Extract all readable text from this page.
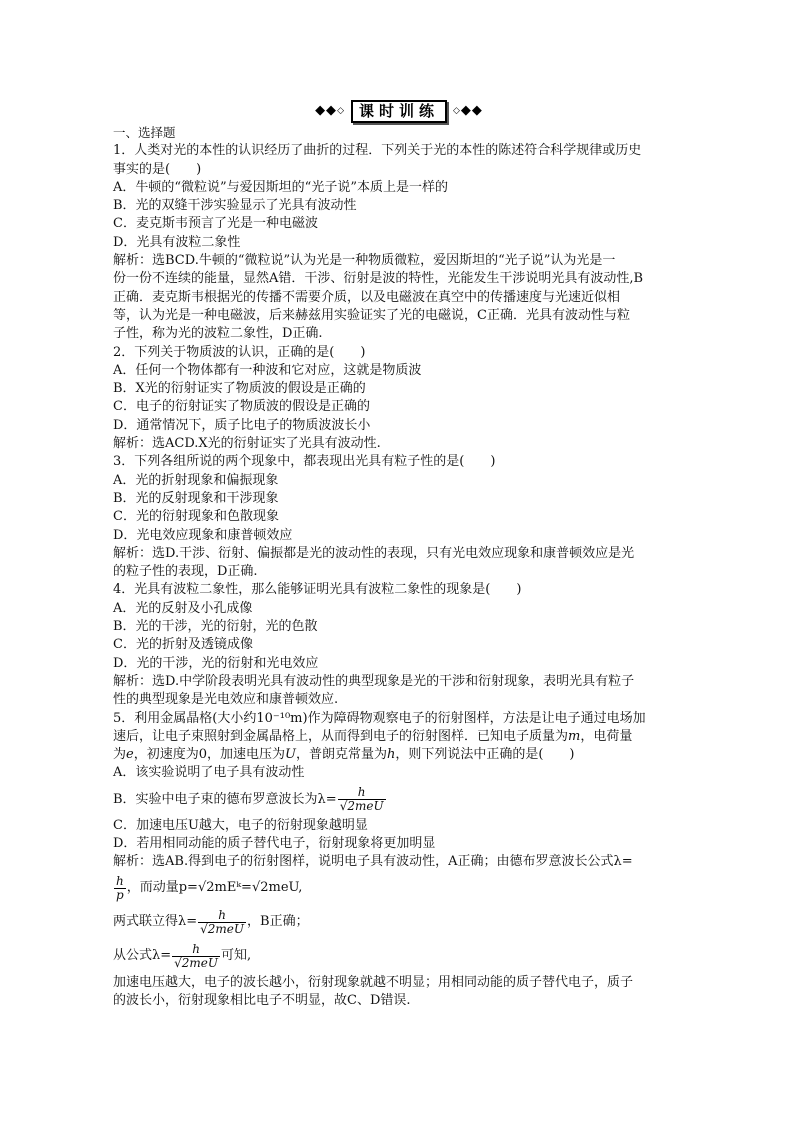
◆◆ ◇ 课时训练	◇ ◆◆
一、选择题
1．人类对光的本性的认识经历了曲折的过程．下列关于光的本性的陈述符合科学规律或历史
事实的是(　　)
A．牛顿的“微粒说”与爱因斯坦的“光子说”本质上是一样的
B．光的双缝干涉实验显示了光具有波动性
C．麦克斯韦预言了光是一种电磁波
D．光具有波粒二象性
解析：选BCD.牛顿的“微粒说”认为光是一种物质微粒，爱因斯坦的“光子说”认为光是一
份一份不连续的能量，显然A错．干涉、衍射是波的特性，光能发生干涉说明光具有波动性,B
正确．麦克斯韦根据光的传播不需要介质，以及电磁波在真空中的传播速度与光速近似相
等，认为光是一种电磁波，后来赫兹用实验证实了光的电磁说，C正确．光具有波动性与粒
子性，称为光的波粒二象性，D正确.
2．下列关于物质波的认识，正确的是(　　)
A．任何一个物体都有一种波和它对应，这就是物质波
B．X光的衍射证实了物质波的假设是正确的
C．电子的衍射证实了物质波的假设是正确的
D．通常情况下，质子比电子的物质波波长小
解析：选ACD.X光的衍射证实了光具有波动性.
3．下列各组所说的两个现象中，都表现出光具有粒子性的是(　　)
A．光的折射现象和偏振现象
B．光的反射现象和干涉现象
C．光的衍射现象和色散现象
D．光电效应现象和康普顿效应
解析：选D.干涉、衍射、偏振都是光的波动性的表现，只有光电效应现象和康普顿效应是光
的粒子性的表现，D正确.
4．光具有波粒二象性，那么能够证明光具有波粒二象性的现象是(　　)
A．光的反射及小孔成像
B．光的干涉，光的衍射，光的色散
C．光的折射及透镜成像
D．光的干涉，光的衍射和光电效应
解析：选D.中学阶段表明光具有波动性的典型现象是光的干涉和衍射现象，表明光具有粒子
性的典型现象是光电效应和康普顿效应.
5．利用金属晶格(大小约10⁻¹⁰m)作为障碍物观察电子的衍射图样，方法是让电子通过电场加
速后，让电子束照射到金属晶格上，从而得到电子的衍射图样．已知电子质量为m，电荷量
为e，初速度为0，加速电压为U，普朗克常量为h，则下列说法中正确的是(　　)
A．该实验说明了电子具有波动性
B．实验中电子束的德布罗意波长为$\lambda= \frac{h}{\text{√2meU}}$
C．加速电压U越大，电子的衍射现象越明显
D．若用相同动能的质子替代电子，衍射现象将更加明显
解析：选AB.得到电子的衍射图样，说明电子具有波动性，A正确；由德布罗意波长公式λ=
$\frac{h}{p}$ ，而动量p=√2mEᵏ=√2meU,
两式联立得$\lambda= \frac{h}{\text{√2meU}}$ ，B正确；
从公式$\lambda= \frac{h}{\text{√2meU}}$ 可知,
加速电压越大，电子的波长越小，衍射现象就越不明显；用相同动能的质子替代电子，质子
的波长小，衍射现象相比电子不明显，故C、D错误.
